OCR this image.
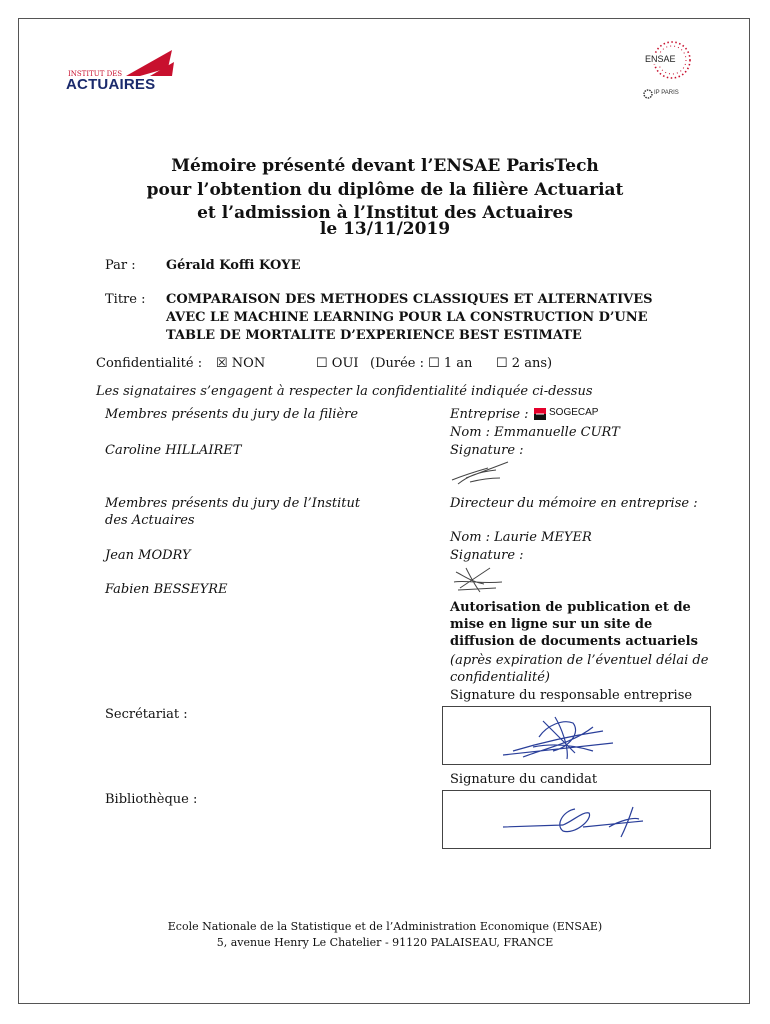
INSTITUT DES
ACTUAIRES
ENSAE
IP PARIS
Mémoire présenté devant l’ENSAE ParisTech
pour l’obtention du diplôme de la filière Actuariat
et l’admission à l’Institut des Actuaires
le 13/11/2019
Par : Gérald Koffi KOYE
Titre : COMPARAISON DES METHODES CLASSIQUES ET ALTERNATIVES
AVEC LE MACHINE LEARNING POUR LA CONSTRUCTION D’UNE
TABLE DE MORTALITE D’EXPERIENCE BEST ESTIMATE
Confidentialité : ☒ NON	☐ OUI (Durée : ☐ 1 an ☐ 2 ans)
Les signataires s’engagent à respecter la confidentialité indiquée ci-dessus
Membres présents du jury de la filière
Caroline HILLAIRET
Membres présents du jury de l’Institut
des Actuaires
Jean MODRY
Fabien BESSEYRE
Secrétariat :
Bibliothèque :
Entreprise : SOGECAP
Nom : Emmanuelle CURT
Signature :
Directeur du mémoire en entreprise :
Nom : Laurie MEYER
Signature :
Autorisation de publication et de
mise en ligne sur un site de
diffusion de documents actuariels
(après expiration de l’éventuel délai de
confidentialité)
Signature du responsable entreprise
Signature du candidat
Ecole Nationale de la Statistique et de l’Administration Economique (ENSAE)
5, avenue Henry Le Chatelier - 91120 PALAISEAU, FRANCE
